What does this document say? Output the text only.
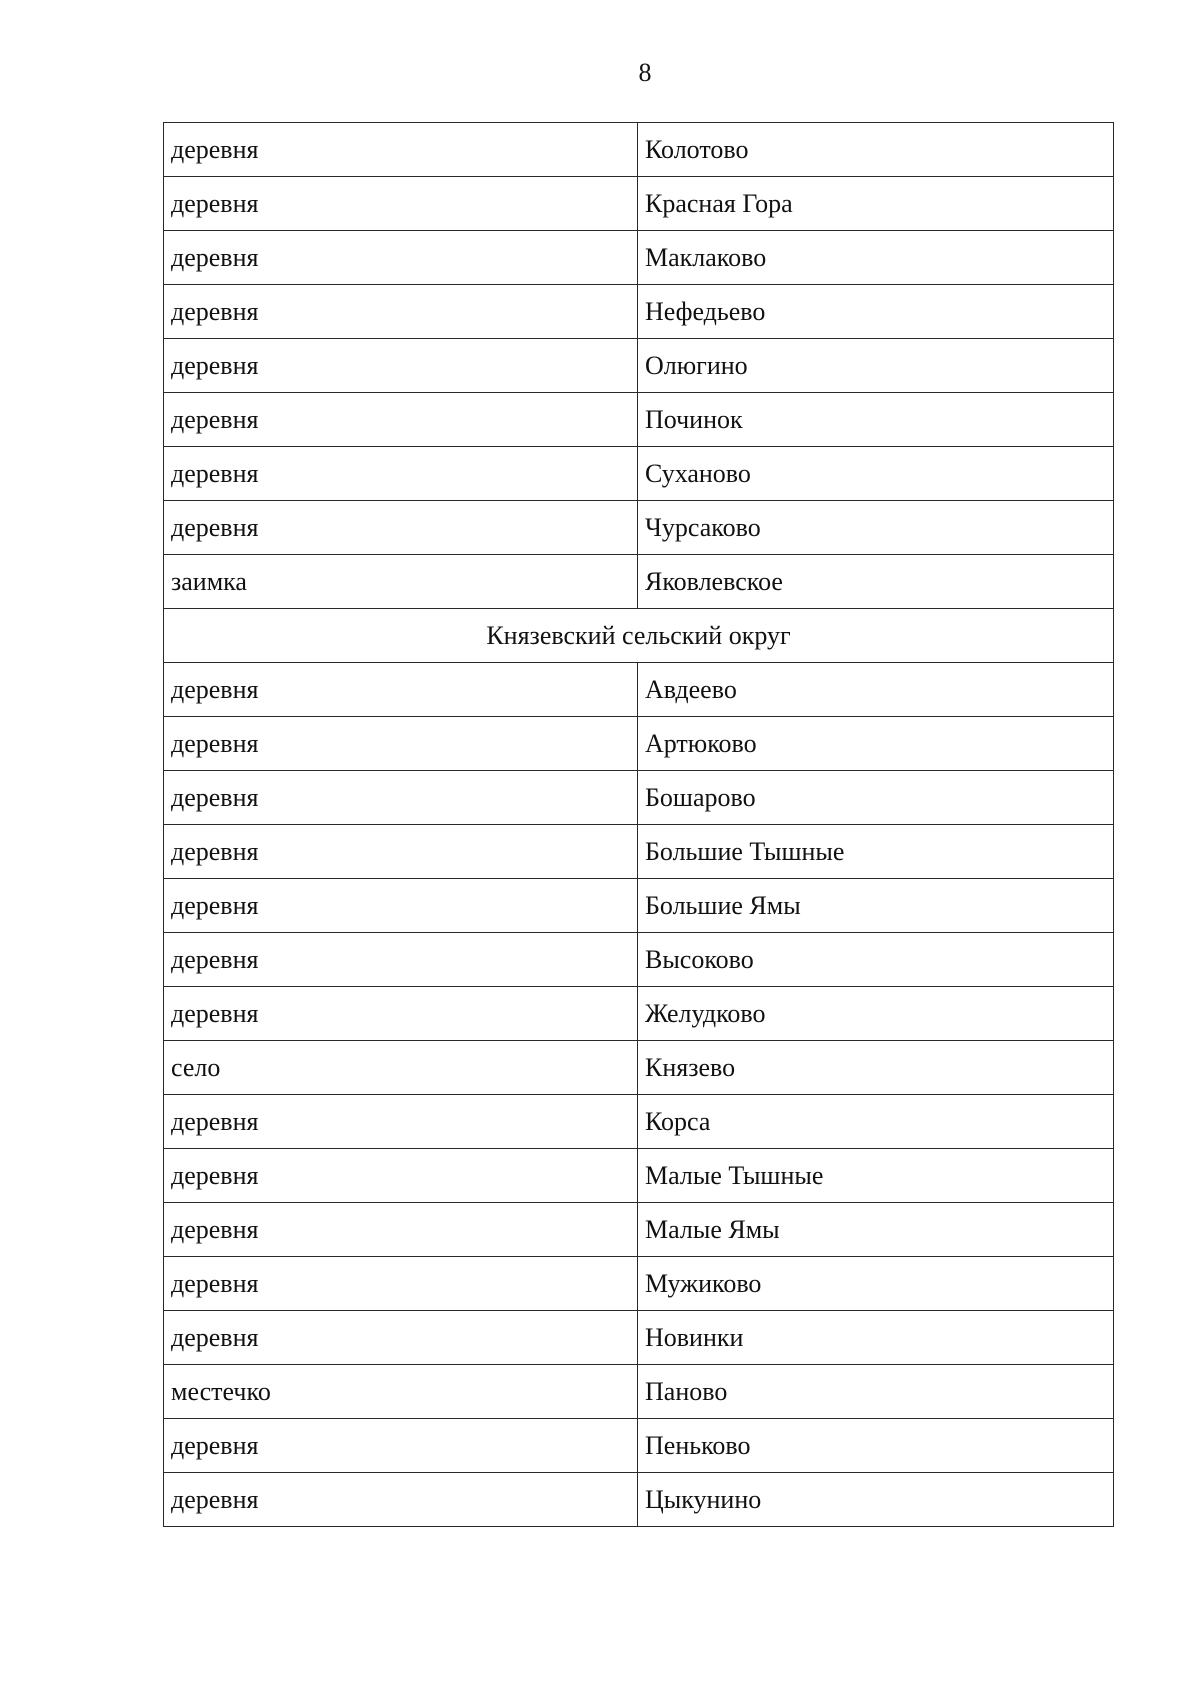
8
деревня	Колотово
деревня	Красная Гора
деревня	Маклаково
деревня	Нефедьево
деревня	Олюгино
деревня	Починок
деревня	Суханово
деревня	Чурсаково
заимка	Яковлевское
Князевский сельский округ	
деревня	Авдеево
деревня	Артюково
деревня	Бошарово
деревня	Большие Тышные
деревня	Большие Ямы
деревня	Высоково
деревня	Желудково
село	Князево
деревня	Корса
деревня	Малые Тышные
деревня	Малые Ямы
деревня	Мужиково
деревня	Новинки
местечко	Паново
деревня	Пеньково
деревня	Цыкунино
